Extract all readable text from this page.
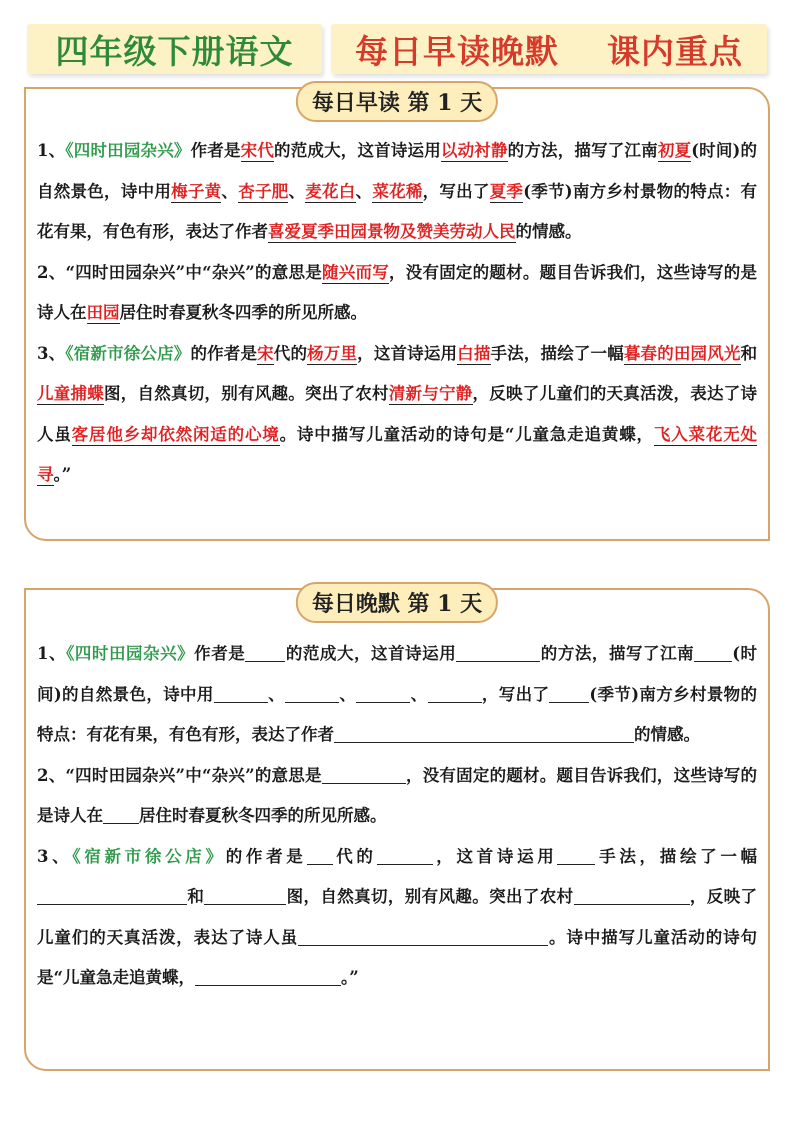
四年级下册语文 每日早读晚默 课内重点
每日早读 第 1 天

1、《四时田园杂兴》作者是宋代的范成大，这首诗运用以动衬静的方法，描写了江南初夏(时间)的自然景色，诗中用梅子黄、杏子肥、麦花白、菜花稀，写出了夏季(季节)南方乡村景物的特点：有花有果，有色有形，表达了作者喜爱夏季田园景物及赞美劳动人民的情感。

2、“四时田园杂兴”中“杂兴”的意思是随兴而写，没有固定的题材。题目告诉我们，这些诗写的是诗人在田园居住时春夏秋冬四季的所见所感。

3、《宿新市徐公店》的作者是宋代的杨万里，这首诗运用白描手法，描绘了一幅暮春的田园风光和儿童捕蝶图，自然真切，别有风趣。突出了农村清新与宁静，反映了儿童们的天真活泼，表达了诗人虽客居他乡却依然闲适的心境。诗中描写儿童活动的诗句是“儿童急走追黄蝶，飞入菜花无处寻。”

每日晚默 第 1 天

1、《四时田园杂兴》作者是 的范成大，这首诗运用	的方法，描写了江南 (时间)的自然景色，诗中用	、	、	、	，写出了 (季节)南方乡村景物的特点：有花有果，有色有形，表达了作者	的情感。

2、“四时田园杂兴”中“杂兴”的意思是	，没有固定的题材。题目告诉我们，这些诗写的是诗人在 居住时春夏秋冬四季的所见所感。

3、《宿新市徐公店》的作者是 代的	，这首诗运用 手法，描绘了一幅和	图，自然真切，别有风趣。突出了农村	，反映了儿童们的天真活泼，表达了诗人虽	。诗中描写儿童活动的诗句是“儿童急走追黄蝶，	。”
